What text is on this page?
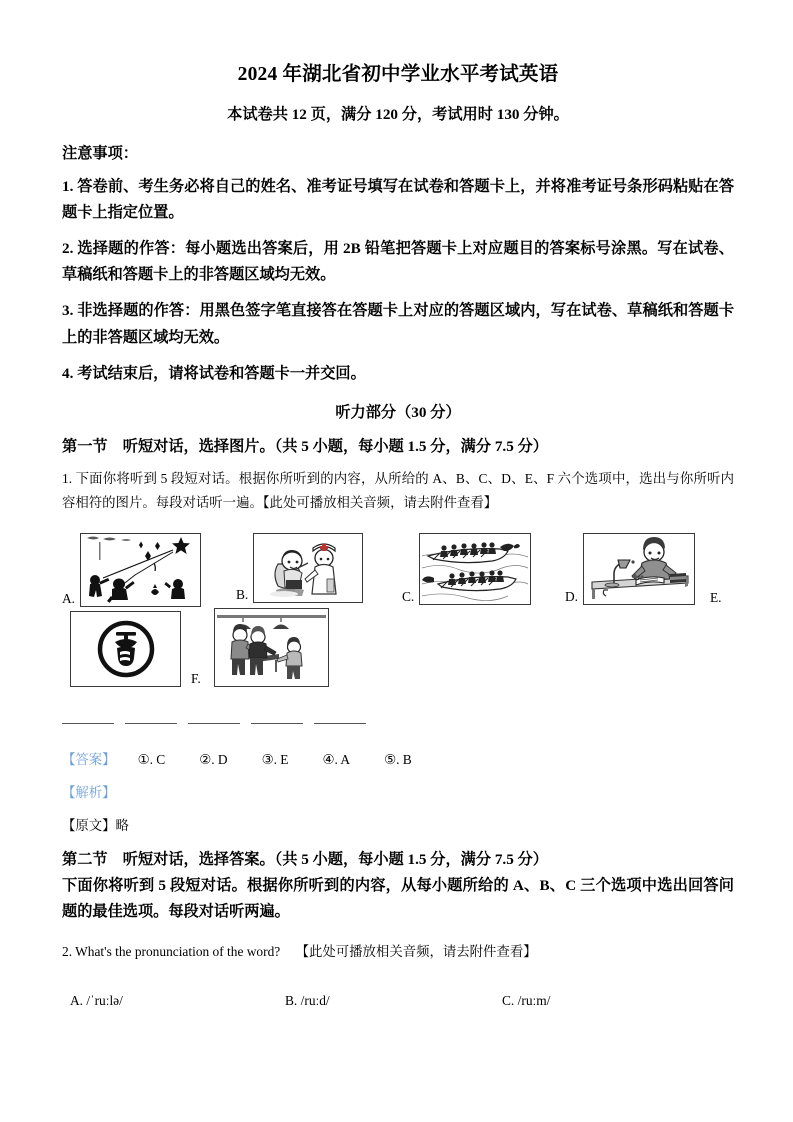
2024 年湖北省初中学业水平考试英语

本试卷共 12 页，满分 120 分，考试用时 130 分钟。

注意事项：

1. 答卷前、考生务必将自己的姓名、准考证号填写在试卷和答题卡上，并将准考证号条形码粘贴在答题卡上指定位置。

2. 选择题的作答：每小题选出答案后，用 2B 铅笔把答题卡上对应题目的答案标号涂黑。写在试卷、草稿纸和答题卡上的非答题区域均无效。

3. 非选择题的作答：用黑色签字笔直接答在答题卡上对应的答题区域内，写在试卷、草稿纸和答题卡上的非答题区域均无效。

4. 考试结束后，请将试卷和答题卡一并交回。

听力部分（30 分）

第一节　听短对话，选择图片。（共 5 小题，每小题 1.5 分，满分 7.5 分）

1. 下面你将听到 5 段短对话。根据你所听到的内容，从所给的 A、B、C、D、E、F 六个选项中，选出与你所听内容相符的图片。每段对话听一遍。【此处可播放相关音频，请去附件查看】

A.	B.	C.	D.	E.
F.
【答案】 ①. C	②. D	③. E	④. A	⑤. B
【解析】
【原文】略

第二节　听短对话，选择答案。（共 5 小题，每小题 1.5 分，满分 7.5 分）

下面你将听到 5 段短对话。根据你所听到的内容，从每小题所给的 A、B、C 三个选项中选出回答问题的最佳选项。每段对话听两遍。

2. What's the pronunciation of the word? 【此处可播放相关音频，请去附件查看】

A. /ˈruːlə/	B. /ruːd/	C. /ruːm/
